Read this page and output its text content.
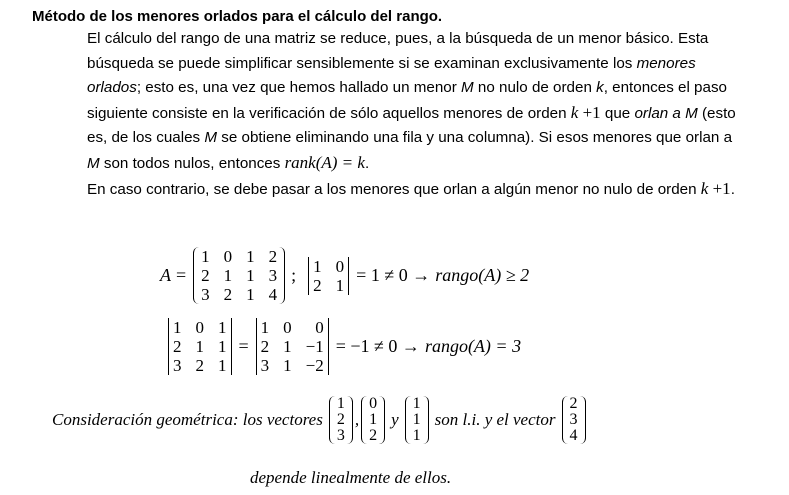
Método de los menores orlados para el cálculo del rango.

El cálculo del rango de una matriz se reduce, pues, a la búsqueda de un menor básico. Esta búsqueda se puede simplificar sensiblemente si se examinan exclusivamente los menores orlados; esto es, una vez que hemos hallado un menor M no nulo de orden k, entonces el paso siguiente consiste en la verificación de sólo aquellos menores de orden k +1 que orlan a M (esto es, de los cuales M se obtiene eliminando una fila y una columna). Si esos menores que orlan a M son todos nulos, entonces rank(A) = k.

En caso contrario, se debe pasar a los menores que orlan a algún menor no nulo de orden k +1.

A =
1 0 1 2
2 1 1 3
3 2 1 4
;	1 0
2 1 = 1 ≠ 0 → rango(A) ≥ 2
1 0 1
2 1 1
3 2 1
=
1 0 0
2 1 −1
3 1 −2
= −1 ≠ 0 → rango(A) = 3
Consideración geométrica: los vectores
1
2
3
,
0
1
2
y
1
1
1
son l.i. y el vector
2
3
4
depende linealmente de ellos.
